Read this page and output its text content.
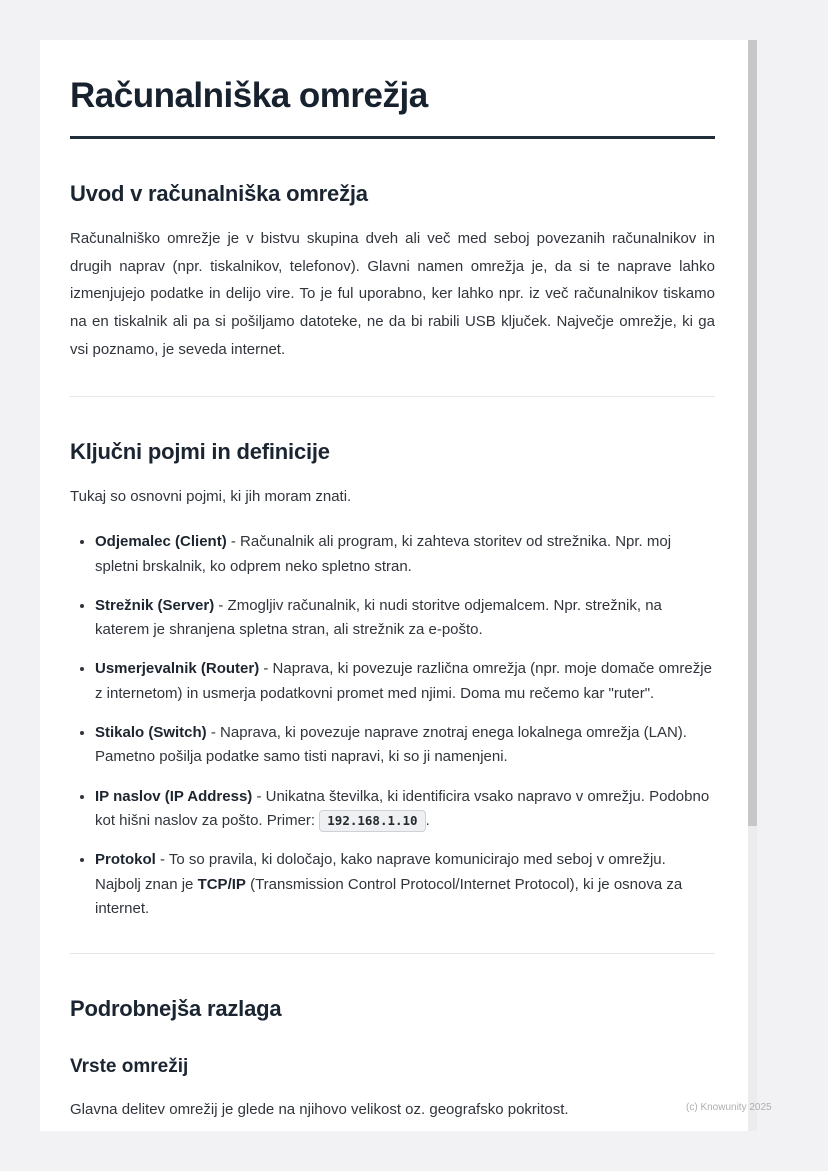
Računalniška omrežja
Uvod v računalniška omrežja

Računalniško omrežje je v bistvu skupina dveh ali več med seboj povezanih računalnikov in drugih naprav (npr. tiskalnikov, telefonov). Glavni namen omrežja je, da si te naprave lahko izmenjujejo podatke in delijo vire. To je ful uporabno, ker lahko npr. iz več računalnikov tiskamo na en tiskalnik ali pa si pošiljamo datoteke, ne da bi rabili USB ključek. Največje omrežje, ki ga vsi poznamo, je seveda internet.

Ključni pojmi in definicije

Tukaj so osnovni pojmi, ki jih moram znati.

• Odjemalec (Client) - Računalnik ali program, ki zahteva storitev od strežnika. Npr. moj spletni brskalnik, ko odprem neko spletno stran.
• Strežnik (Server) - Zmogljiv računalnik, ki nudi storitve odjemalcem. Npr. strežnik, na katerem je shranjena spletna stran, ali strežnik za e-pošto.
• Usmerjevalnik (Router) - Naprava, ki povezuje različna omrežja (npr. moje domače omrežje z internetom) in usmerja podatkovni promet med njimi. Doma mu rečemo kar "ruter".
• Stikalo (Switch) - Naprava, ki povezuje naprave znotraj enega lokalnega omrežja (LAN). Pametno pošilja podatke samo tisti napravi, ki so ji namenjeni.
• IP naslov (IP Address) - Unikatna številka, ki identificira vsako napravo v omrežju. Podobno kot hišni naslov za pošto. Primer: 192.168.1.10 .
• Protokol - To so pravila, ki določajo, kako naprave komunicirajo med seboj v omrežju. Najbolj znan je TCP/IP (Transmission Control Protocol/Internet Protocol), ki je osnova za internet.
Podrobnejša razlaga
Vrste omrežij

Glavna delitev omrežij je glede na njihovo velikost oz. geografsko pokritost.	(c) Knowunity 2025
